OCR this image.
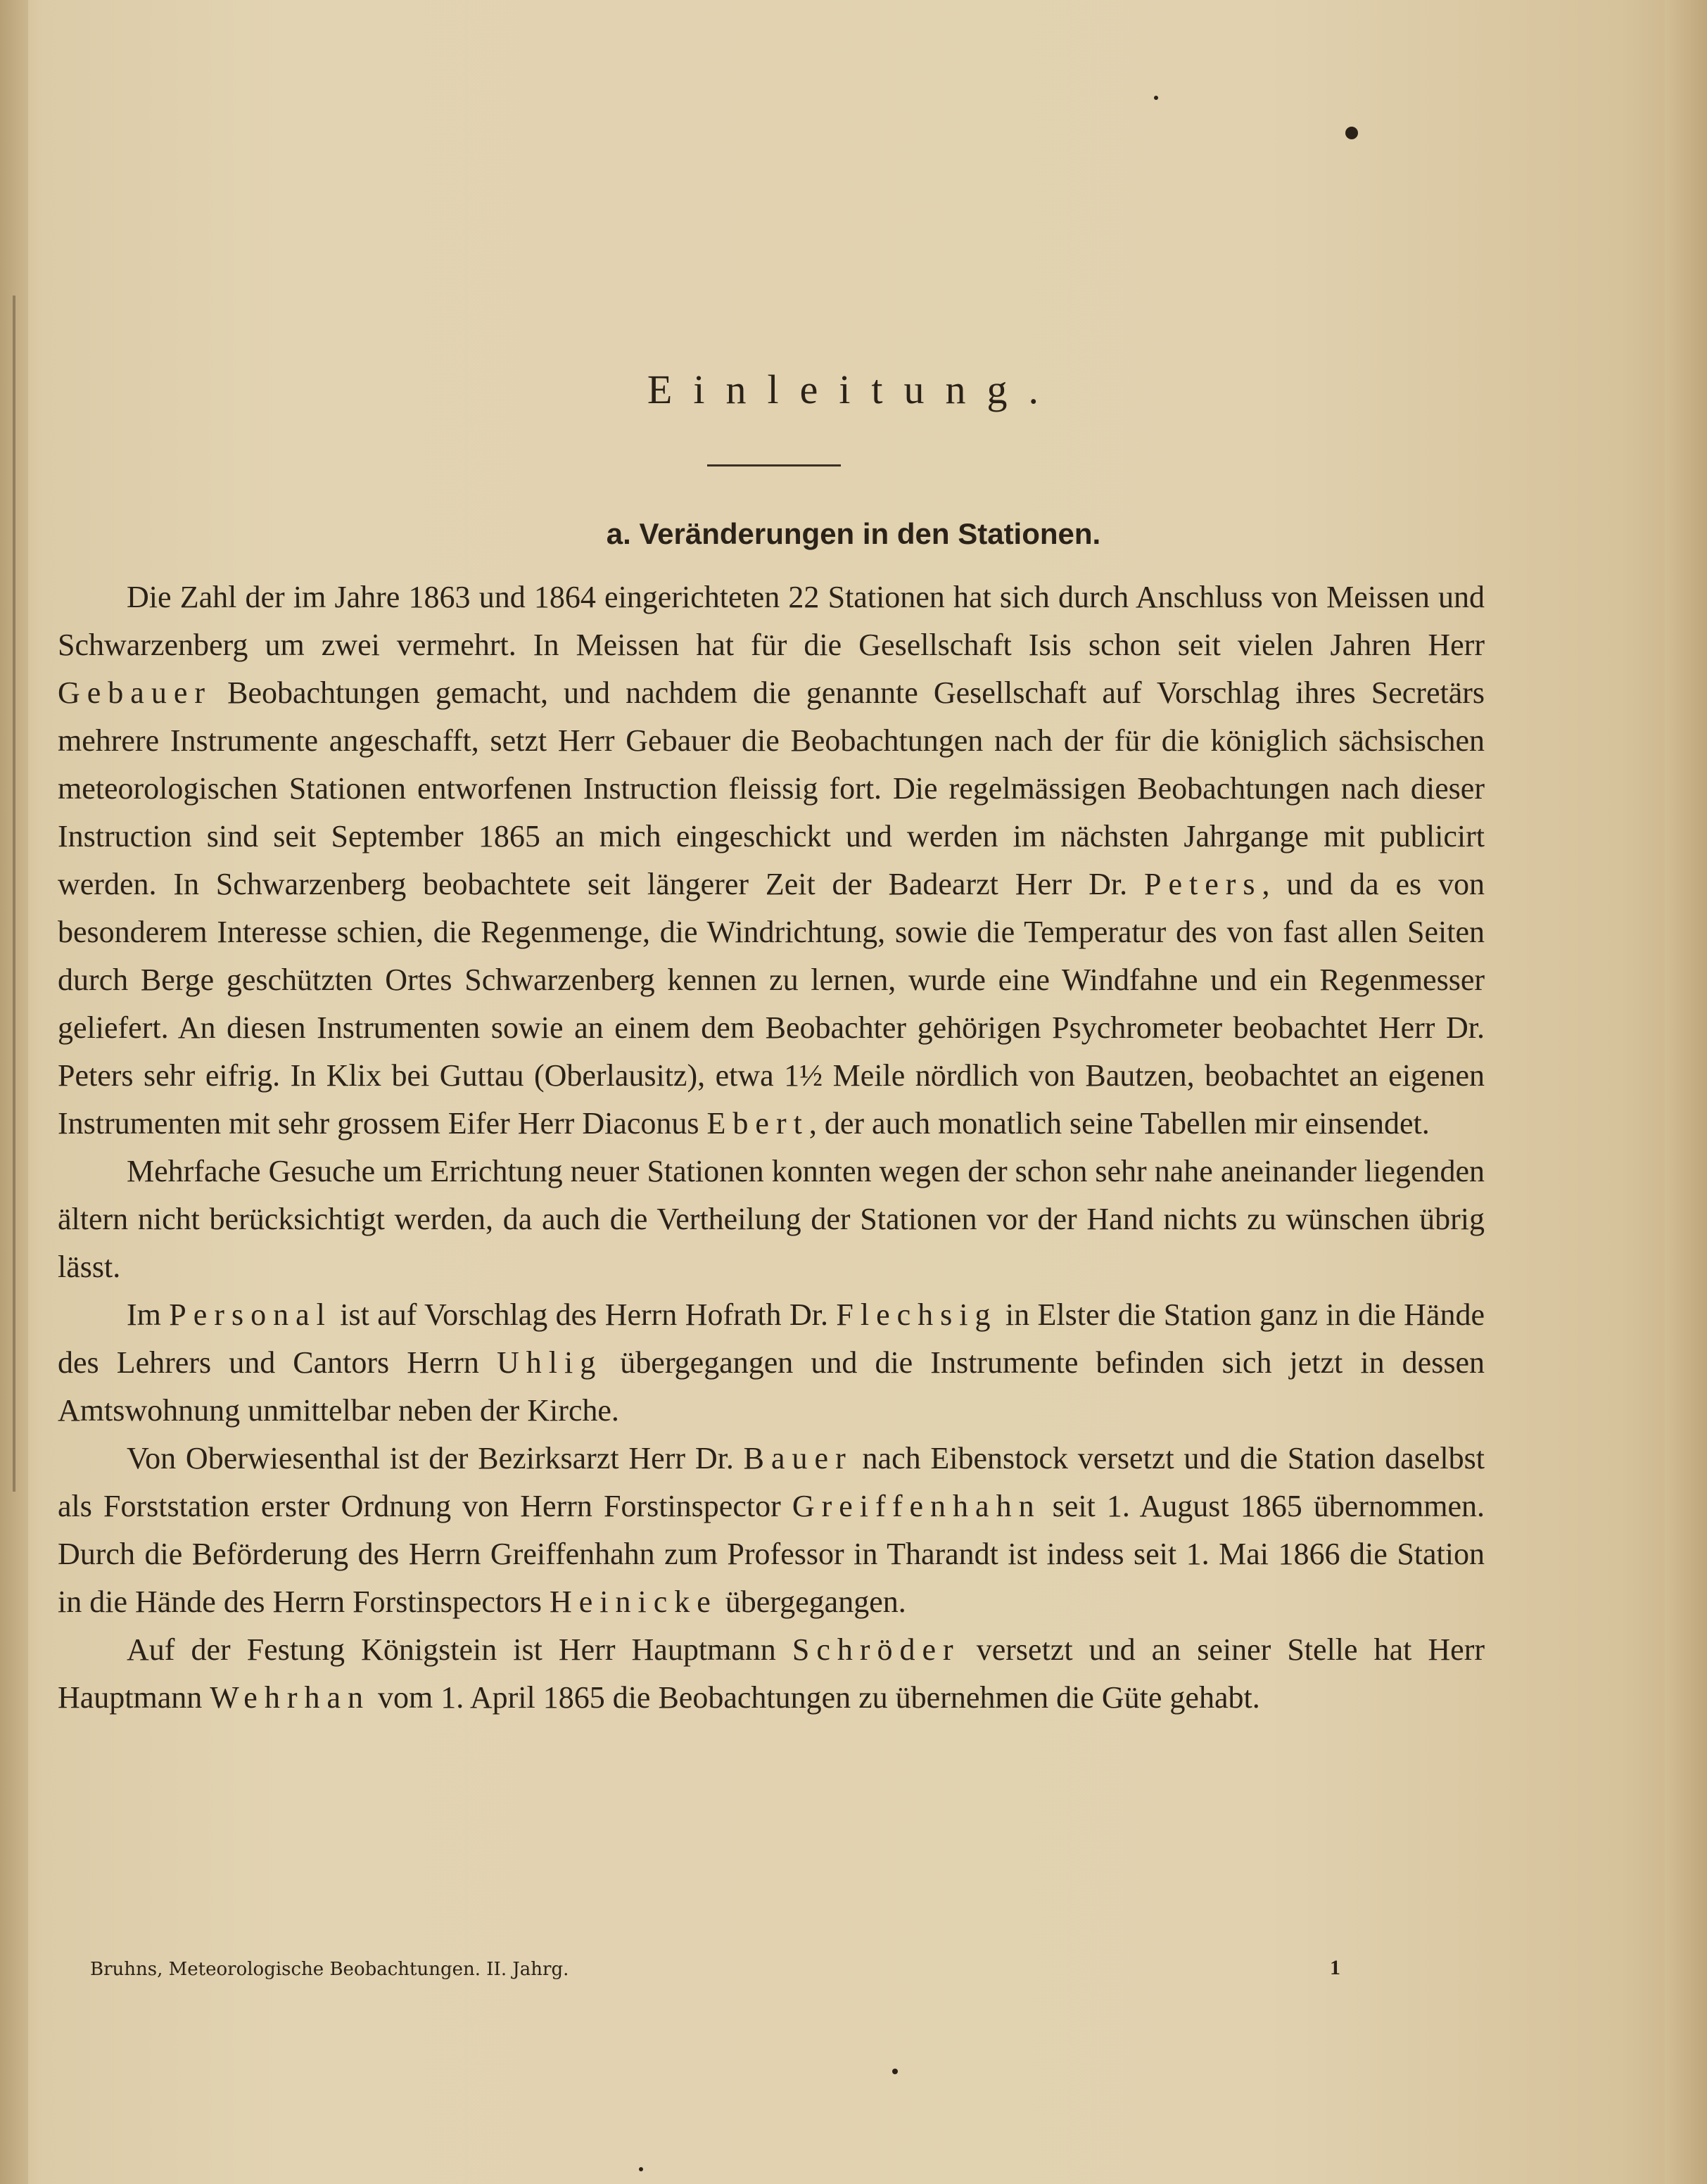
Einleitung.
a. Veränderungen in den Stationen.

Die Zahl der im Jahre 1863 und 1864 eingerichteten 22 Stationen hat sich durch Anschluss von Meissen und Schwarzenberg um zwei vermehrt. In Meissen hat für die Gesellschaft Isis schon seit vielen Jahren Herr Gebauer Beobachtungen gemacht, und nachdem die genannte Gesellschaft auf Vorschlag ihres Secretärs mehrere Instrumente angeschafft, setzt Herr Gebauer die Beobachtungen nach der für die königlich sächsischen meteorologischen Stationen entworfenen Instruction fleissig fort. Die regelmässigen Beobachtungen nach dieser Instruction sind seit September 1865 an mich eingeschickt und werden im nächsten Jahrgange mit publicirt werden. In Schwarzenberg beobachtete seit längerer Zeit der Badearzt Herr Dr. Peters, und da es von besonderem Interesse schien, die Regenmenge, die Windrichtung, sowie die Temperatur des von fast allen Seiten durch Berge geschützten Ortes Schwarzenberg kennen zu lernen, wurde eine Windfahne und ein Regenmesser geliefert. An diesen Instrumenten sowie an einem dem Beobachter gehörigen Psychrometer beobachtet Herr Dr. Peters sehr eifrig. In Klix bei Guttau (Oberlausitz), etwa 1½ Meile nördlich von Bautzen, beobachtet an eigenen Instrumenten mit sehr grossem Eifer Herr Diaconus Ebert, der auch monatlich seine Tabellen mir einsendet.

Mehrfache Gesuche um Errichtung neuer Stationen konnten wegen der schon sehr nahe aneinander liegenden ältern nicht berücksichtigt werden, da auch die Vertheilung der Stationen vor der Hand nichts zu wünschen übrig lässt.

Im Personal ist auf Vorschlag des Herrn Hofrath Dr. Flechsig in Elster die Station ganz in die Hände des Lehrers und Cantors Herrn Uhlig übergegangen und die Instrumente befinden sich jetzt in dessen Amtswohnung unmittelbar neben der Kirche.

Von Oberwiesenthal ist der Bezirksarzt Herr Dr. Bauer nach Eibenstock versetzt und die Station daselbst als Forststation erster Ordnung von Herrn Forstinspector Greiffenhahn seit 1. August 1865 übernommen. Durch die Beförderung des Herrn Greiffenhahn zum Professor in Tharandt ist indess seit 1. Mai 1866 die Station in die Hände des Herrn Forstinspectors Heinicke übergegangen.

Auf der Festung Königstein ist Herr Hauptmann Schröder versetzt und an seiner Stelle hat Herr Hauptmann Wehrhan vom 1. April 1865 die Beobachtungen zu übernehmen die Güte gehabt.

Bruhns, Meteorologische Beobachtungen. II. Jahrg.	1
